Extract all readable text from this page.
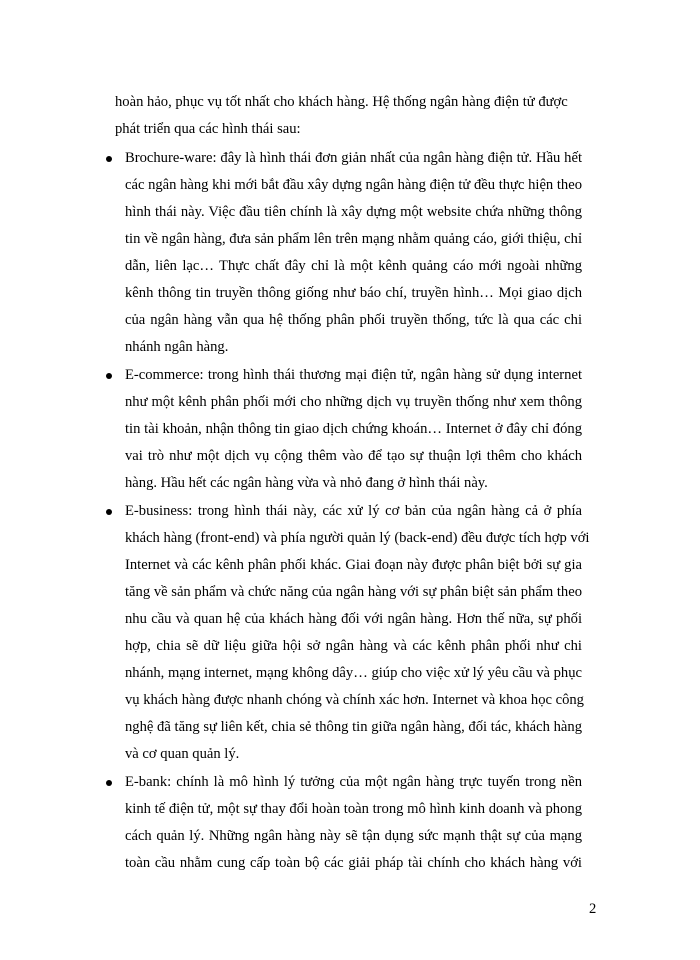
hoàn hảo, phục vụ tốt nhất cho khách hàng. Hệ thống ngân hàng điện tử được
phát triển qua các hình thái sau:
Brochure-ware: đây là hình thái đơn giản nhất của ngân hàng điện tử. Hầu hết
các ngân hàng khi mới bắt đầu xây dựng ngân hàng điện tử đều thực hiện theo
hình thái này. Việc đầu tiên chính là xây dựng một website chứa những thông
tin về ngân hàng, đưa sản phẩm lên trên mạng nhằm quảng cáo, giới thiệu, chỉ
dẫn, liên lạc… Thực chất đây chỉ là một kênh quảng cáo mới ngoài những
kênh thông tin truyền thông giống như báo chí, truyền hình… Mọi giao dịch
của ngân hàng vẫn qua hệ thống phân phối truyền thống, tức là qua các chi
nhánh ngân hàng.
E-commerce: trong hình thái thương mại điện tử, ngân hàng sử dụng internet
như một kênh phân phối mới cho những dịch vụ truyền thống như xem thông
tin tài khoản, nhận thông tin giao dịch chứng khoán… Internet ở đây chỉ đóng
vai trò như một dịch vụ cộng thêm vào để tạo sự thuận lợi thêm cho khách
hàng. Hầu hết các ngân hàng vừa và nhỏ đang ở hình thái này.
E-business: trong hình thái này, các xử lý cơ bản của ngân hàng cả ở phía
khách hàng (front-end) và phía người quản lý (back-end) đều được tích hợp với
Internet và các kênh phân phối khác. Giai đoạn này được phân biệt bởi sự gia
tăng về sản phẩm và chức năng của ngân hàng với sự phân biệt sản phẩm theo
nhu cầu và quan hệ của khách hàng đối với ngân hàng. Hơn thế nữa, sự phối
hợp, chia sẽ dữ liệu giữa hội sở ngân hàng và các kênh phân phối như chi
nhánh, mạng internet, mạng không dây… giúp cho việc xử lý yêu cầu và phục
vụ khách hàng được nhanh chóng và chính xác hơn. Internet và khoa học công
nghệ đã tăng sự liên kết, chia sẻ thông tin giữa ngân hàng, đối tác, khách hàng
và cơ quan quản lý.
E-bank: chính là mô hình lý tưởng của một ngân hàng trực tuyến trong nền
kinh tế điện tử, một sự thay đổi hoàn toàn trong mô hình kinh doanh và phong
cách quản lý. Những ngân hàng này sẽ tận dụng sức mạnh thật sự của mạng
toàn cầu nhằm cung cấp toàn bộ các giải pháp tài chính cho khách hàng với
2
